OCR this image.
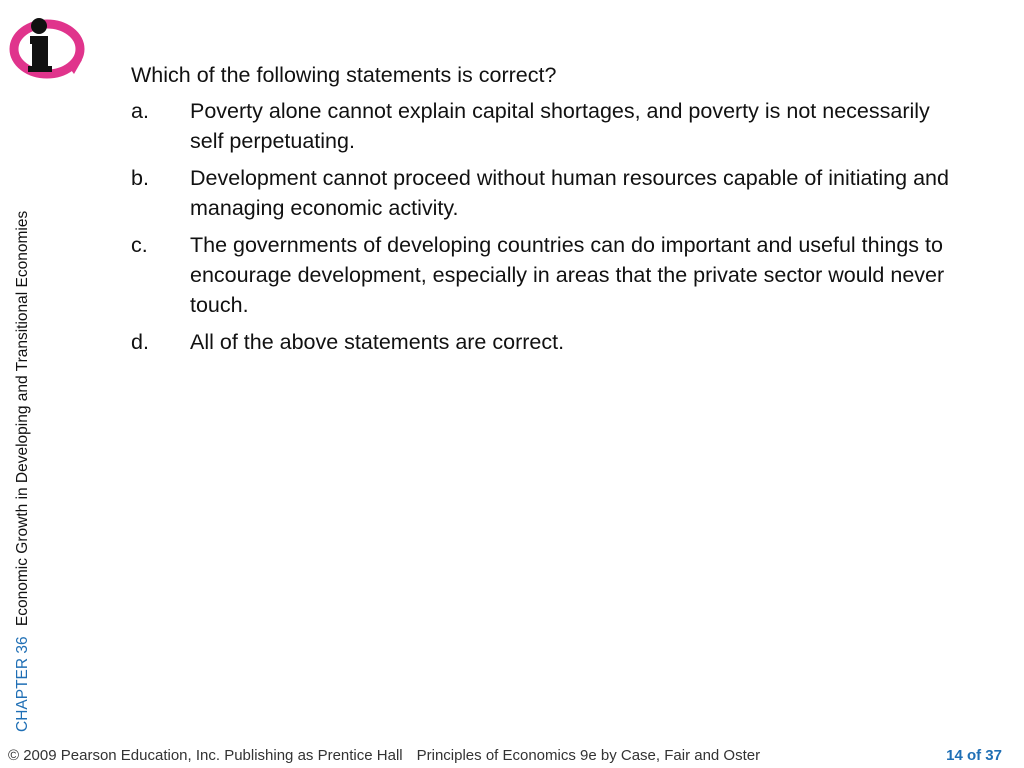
CHAPTER 36 Economic Growth in Developing and Transitional Economies
Which of the following statements is correct?
a.	Poverty alone cannot explain capital shortages, and poverty is not necessarily self perpetuating.
b.	Development cannot proceed without human resources capable of initiating and managing economic activity.
c.	The governments of developing countries can do important and useful things to encourage development, especially in areas that the private sector would never touch.
d.	All of the above statements are correct.
© 2009 Pearson Education, Inc. Publishing as Prentice Hall Principles of Economics 9e by Case, Fair and Oster	14 of 37
